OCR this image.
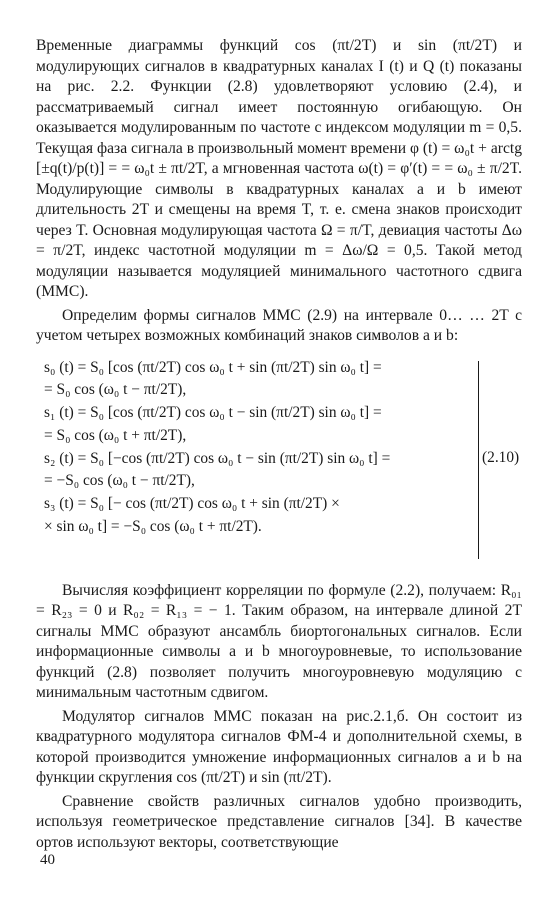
Временные диаграммы функций cos (πt/2T) и sin (πt/2T) и модулирующих сигналов в квадратурных каналах I (t) и Q (t) показаны на рис. 2.2. Функции (2.8) удовлетворяют условию (2.4), и рассматриваемый сигнал имеет постоянную огибающую. Он оказывается модулированным по частоте с индексом модуляции m = 0,5. Текущая фаза сигнала в произвольный момент времени φ (t) = ω₀t + arctg [±q(t)/p(t)] = = ω₀t ± πt/2T, а мгновенная частота ω(t) = φ′(t) = = ω₀ ± π/2T. Модулирующие символы в квадратурных каналах a и b имеют длительность 2T и смещены на время T, т. е. смена знаков происходит через T. Основная модулирующая частота Ω = π/T, девиация частоты Δω = π/2T, индекс частотной модуляции m = Δω/Ω = 0,5. Такой метод модуляции называется модуляцией минимального частотного сдвига (ММС).

Определим формы сигналов ММС (2.9) на интервале 0… … 2T с учетом четырех возможных комбинаций знаков символов a и b:

s₀ (t) = S₀ [cos (πt/2T) cos ω₀ t + sin (πt/2T) sin ω₀ t] =
= S₀ cos (ω₀ t − πt/2T),
s₁ (t) = S₀ [cos (πt/2T) cos ω₀ t − sin (πt/2T) sin ω₀ t] =
= S₀ cos (ω₀ t + πt/2T),
s₂ (t) = S₀ [−cos (πt/2T) cos ω₀ t − sin (πt/2T) sin ω₀ t] =
= −S₀ cos (ω₀ t − πt/2T),
s₃ (t) = S₀ [− cos (πt/2T) cos ω₀ t + sin (πt/2T) ×
× sin ω₀ t] = −S₀ cos (ω₀ t + πt/2T).
(2.10)

Вычисляя коэффициент корреляции по формуле (2.2), получаем: R₀₁ = R₂₃ = 0 и R₀₂ = R₁₃ = − 1. Таким образом, на интервале длиной 2T сигналы ММС образуют ансамбль биортогональных сигналов. Если информационные символы a и b многоуровневые, то использование функций (2.8) позволяет получить многоуровневую модуляцию с минимальным частотным сдвигом.

Модулятор сигналов ММС показан на рис.2.1,б. Он состоит из квадратурного модулятора сигналов ФМ-4 и дополнительной схемы, в которой производится умножение информационных сигналов a и b на функции скругления cos (πt/2T) и sin (πt/2T).

Сравнение свойств различных сигналов удобно производить, используя геометрическое представление сигналов [34]. В качестве ортов используют векторы, соответствующие

40
